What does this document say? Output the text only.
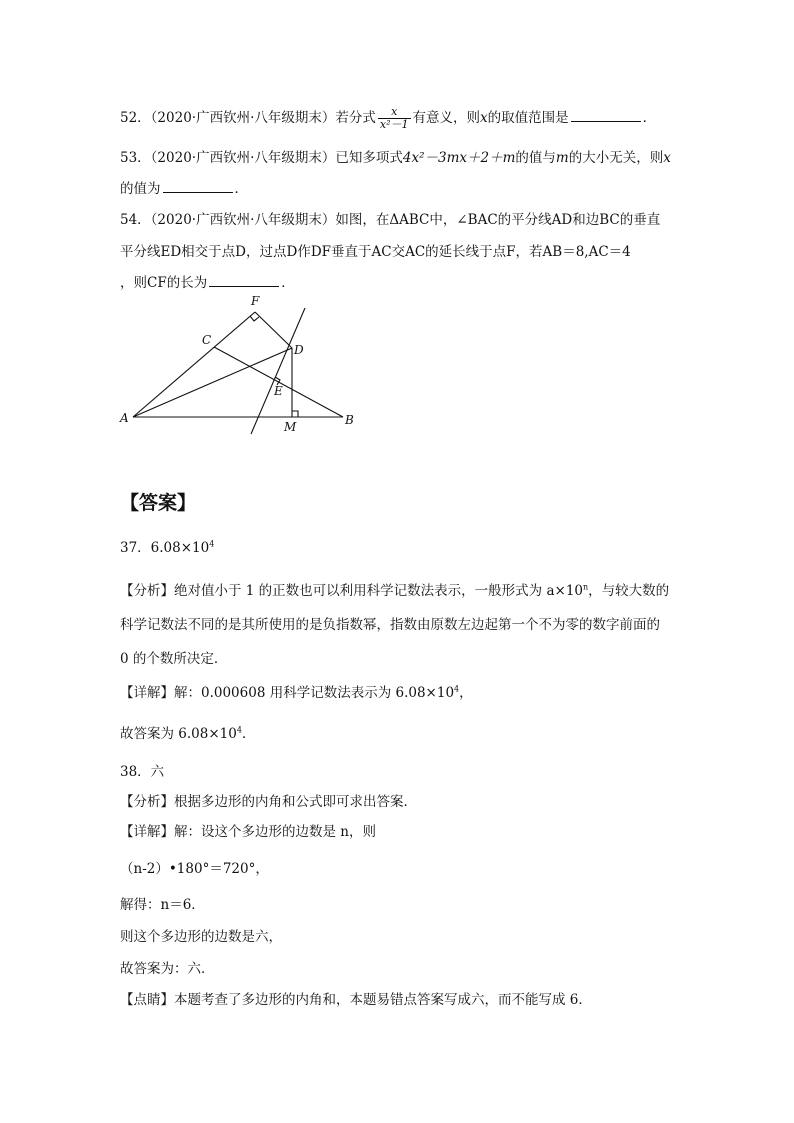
52．（2020·广西钦州·八年级期末）若分式 $\frac{x}{\text{x²－1}}$ 有意义，则x的取值范围是	．
53．（2020·广西钦州·八年级期末）已知多项式4x²－3mx＋2＋m的值与m的大小无关，则x
的值为	．
54．（2020·广西钦州·八年级期末）如图，在ΔABC中，∠BAC的平分线AD和边BC的垂直
平分线ED相交于点D，过点D作DF垂直于AC交AC的延长线于点F，若AB＝8,AC＝4
，则CF的长为	．
F
C
D
E
A	B
M
【答案】
37．$6.08\times 10^4$
【分析】绝对值小于 1 的正数也可以利用科学记数法表示，一般形式为 $a\times 10^n$，与较大数的
科学记数法不同的是其所使用的是负指数幂，指数由原数左边起第一个不为零的数字前面的
0 的个数所决定．
【详解】解：0.000608 用科学记数法表示为 $6.08\times 10^4$，
故答案为 $6.08\times 10^4$．
38．六
【分析】根据多边形的内角和公式即可求出答案．
【详解】解：设这个多边形的边数是 n，则
（n-2）•180°＝720°，
解得：n＝6．
则这个多边形的边数是六，
故答案为：六．
【点睛】本题考查了多边形的内角和，本题易错点答案写成六，而不能写成 6．
